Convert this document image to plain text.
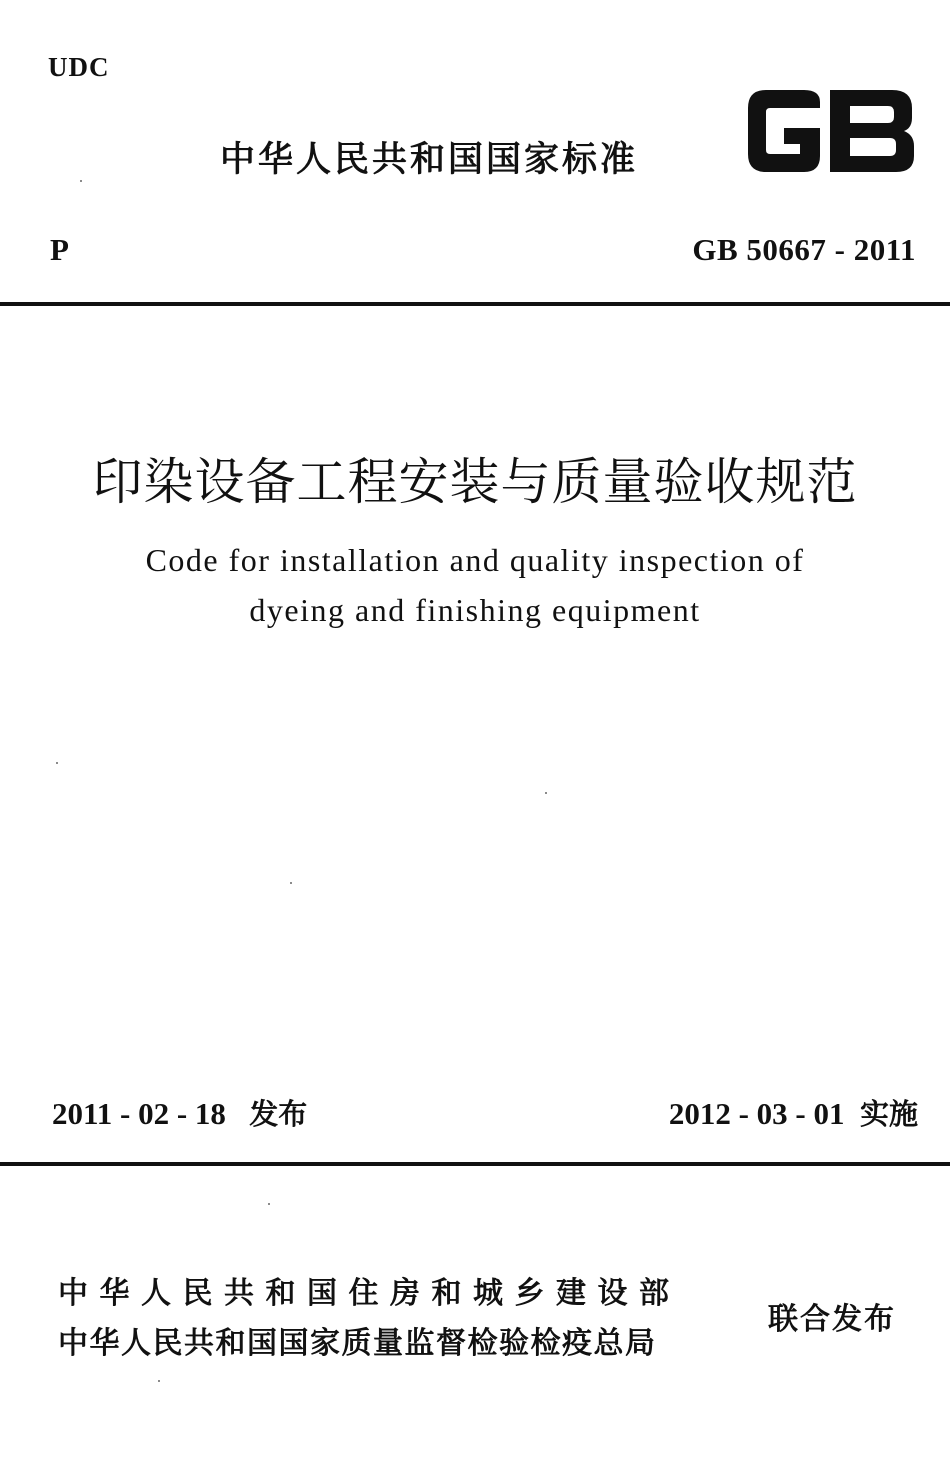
UDC
中华人民共和国国家标准
P	GB 50667 - 2011
印染设备工程安装与质量验收规范
Code for installation and quality inspection of
dyeing and finishing equipment
2011 - 02 - 18 发布	2012 - 03 - 01 实施
中华人民共和国住房和城乡建设部
中华人民共和国国家质量监督检验检疫总局
联合发布
